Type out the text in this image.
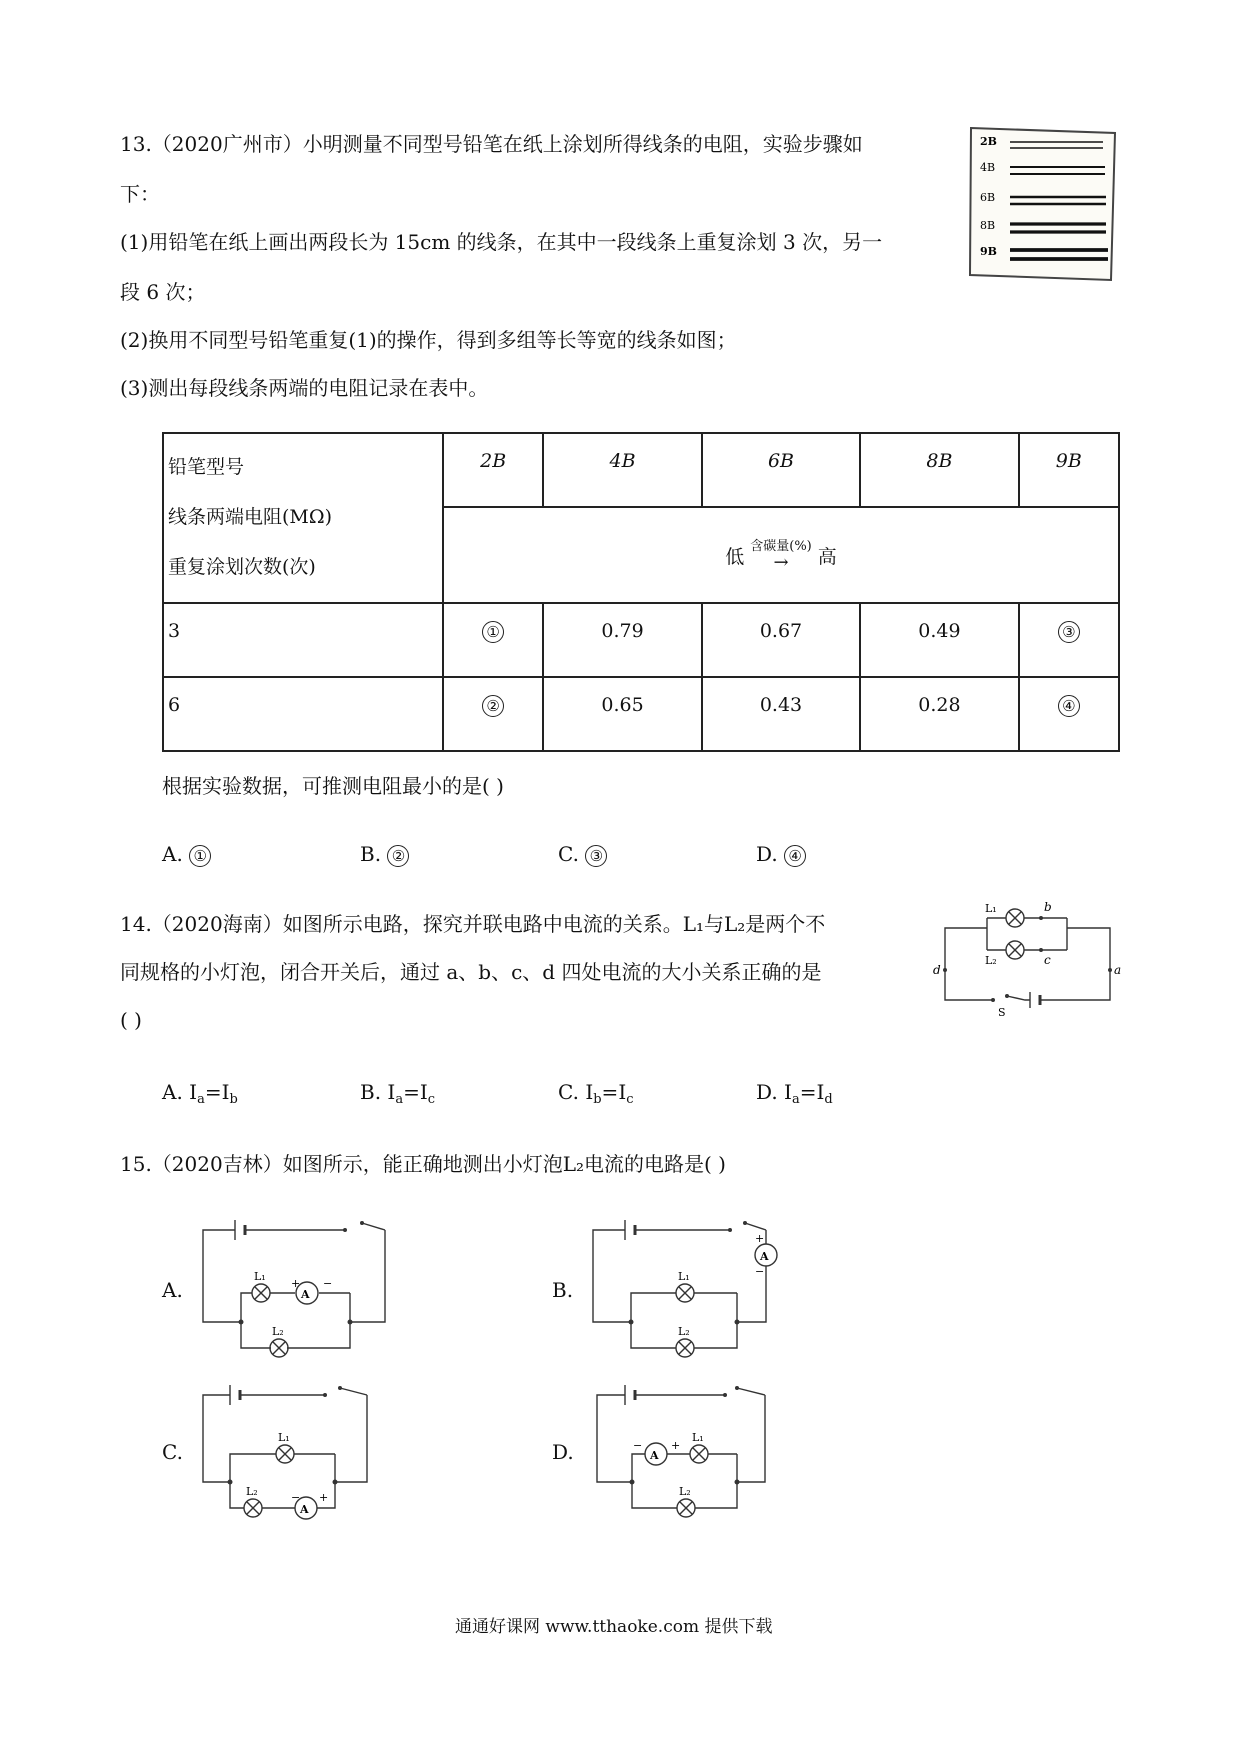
13.（2020广州市）小明测量不同型号铅笔在纸上涂划所得线条的电阻，实验步骤如
下：
(1)用铅笔在纸上画出两段长为 15cm 的线条，在其中一段线条上重复涂划 3 次，另一
段 6 次；
(2)换用不同型号铅笔重复(1)的操作，得到多组等长等宽的线条如图；
(3)测出每段线条两端的电阻记录在表中。
2B
4B
6B
8B
9B
铅笔型号
线条两端电阻(MΩ)
重复涂划次数(次)	2B	4B	6B	8B	9B
	低 含碳量(%)
→ 高				
3	①	0.79	0.67	0.49	③
6	②	0.65	0.43	0.28	④
根据实验数据，可推测电阻最小的是( )
A. ①	B. ②	C. ③	D. ④
14.（2020海南）如图所示电路，探究并联电路中电流的关系。L₁与L₂是两个不
同规格的小灯泡，闭合开关后，通过 a、b、c、d 四处电流的大小关系正确的是
( )
L₁
L₂
b
c
d	a
S
A. $I_a=I_b$	B. $I_a=I_c$	C. $I_b=I_c$	D. $I_a=I_d$
15.（2020吉林）如图所示，能正确地测出小灯泡L₂电流的电路是( )
A.	A
+ −
L₁
L₂
B.
A
+
−
L₁
L₂
C.
A
− +
L₁
L₂
D.	A
−	+
L₁
L₂
通通好课网 www.tthaoke.com 提供下载
